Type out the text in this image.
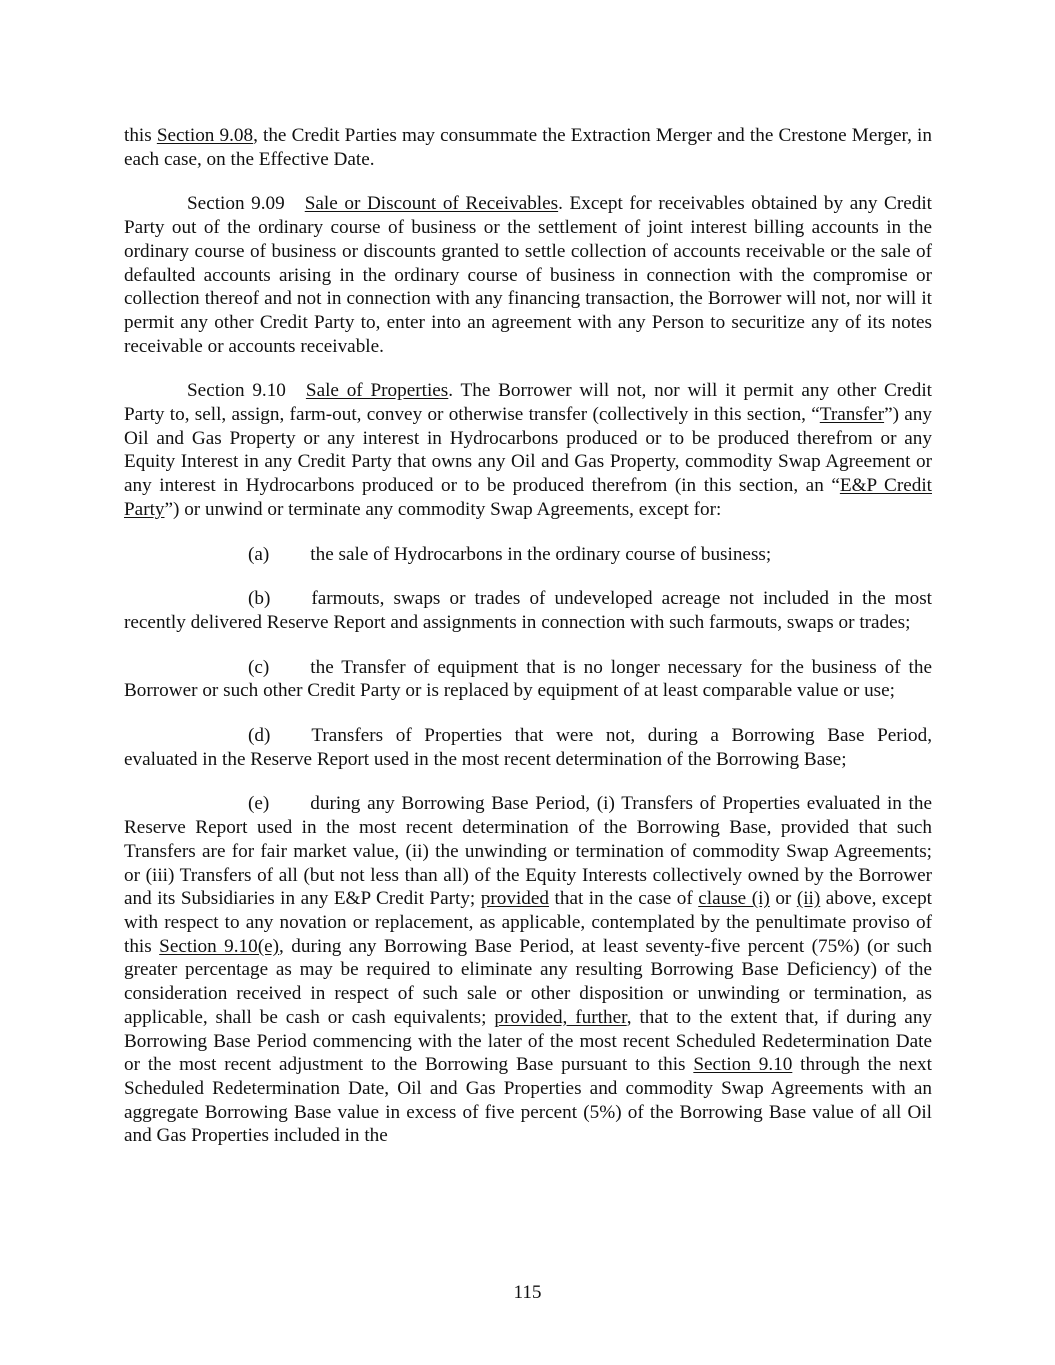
this Section 9.08, the Credit Parties may consummate the Extraction Merger and the Crestone Merger, in each case, on the Effective Date.

Section 9.09 Sale or Discount of Receivables. Except for receivables obtained by any Credit Party out of the ordinary course of business or the settlement of joint interest billing accounts in the ordinary course of business or discounts granted to settle collection of accounts receivable or the sale of defaulted accounts arising in the ordinary course of business in connection with the compromise or collection thereof and not in connection with any financing transaction, the Borrower will not, nor will it permit any other Credit Party to, enter into an agreement with any Person to securitize any of its notes receivable or accounts receivable.

Section 9.10 Sale of Properties. The Borrower will not, nor will it permit any other Credit Party to, sell, assign, farm-out, convey or otherwise transfer (collectively in this section, “Transfer”) any Oil and Gas Property or any interest in Hydrocarbons produced or to be produced therefrom or any Equity Interest in any Credit Party that owns any Oil and Gas Property, commodity Swap Agreement or any interest in Hydrocarbons produced or to be produced therefrom (in this section, an “E&P Credit Party”) or unwind or terminate any commodity Swap Agreements, except for:

(a) the sale of Hydrocarbons in the ordinary course of business;

(b) farmouts, swaps or trades of undeveloped acreage not included in the most recently delivered Reserve Report and assignments in connection with such farmouts, swaps or trades;

(c) the Transfer of equipment that is no longer necessary for the business of the Borrower or such other Credit Party or is replaced by equipment of at least comparable value or use;

(d) Transfers of Properties that were not, during a Borrowing Base Period, evaluated in the Reserve Report used in the most recent determination of the Borrowing Base;

(e) during any Borrowing Base Period, (i) Transfers of Properties evaluated in the Reserve Report used in the most recent determination of the Borrowing Base, provided that such Transfers are for fair market value, (ii) the unwinding or termination of commodity Swap Agreements; or (iii) Transfers of all (but not less than all) of the Equity Interests collectively owned by the Borrower and its Subsidiaries in any E&P Credit Party; provided that in the case of clause (i) or (ii) above, except with respect to any novation or replacement, as applicable, contemplated by the penultimate proviso of this Section 9.10(e), during any Borrowing Base Period, at least seventy-five percent (75%) (or such greater percentage as may be required to eliminate any resulting Borrowing Base Deficiency) of the consideration received in respect of such sale or other disposition or unwinding or termination, as applicable, shall be cash or cash equivalents; provided, further, that to the extent that, if during any Borrowing Base Period commencing with the later of the most recent Scheduled Redetermination Date or the most recent adjustment to the Borrowing Base pursuant to this Section 9.10 through the next Scheduled Redetermination Date, Oil and Gas Properties and commodity Swap Agreements with an aggregate Borrowing Base value in excess of five percent (5%) of the Borrowing Base value of all Oil and Gas Properties included in the

115
